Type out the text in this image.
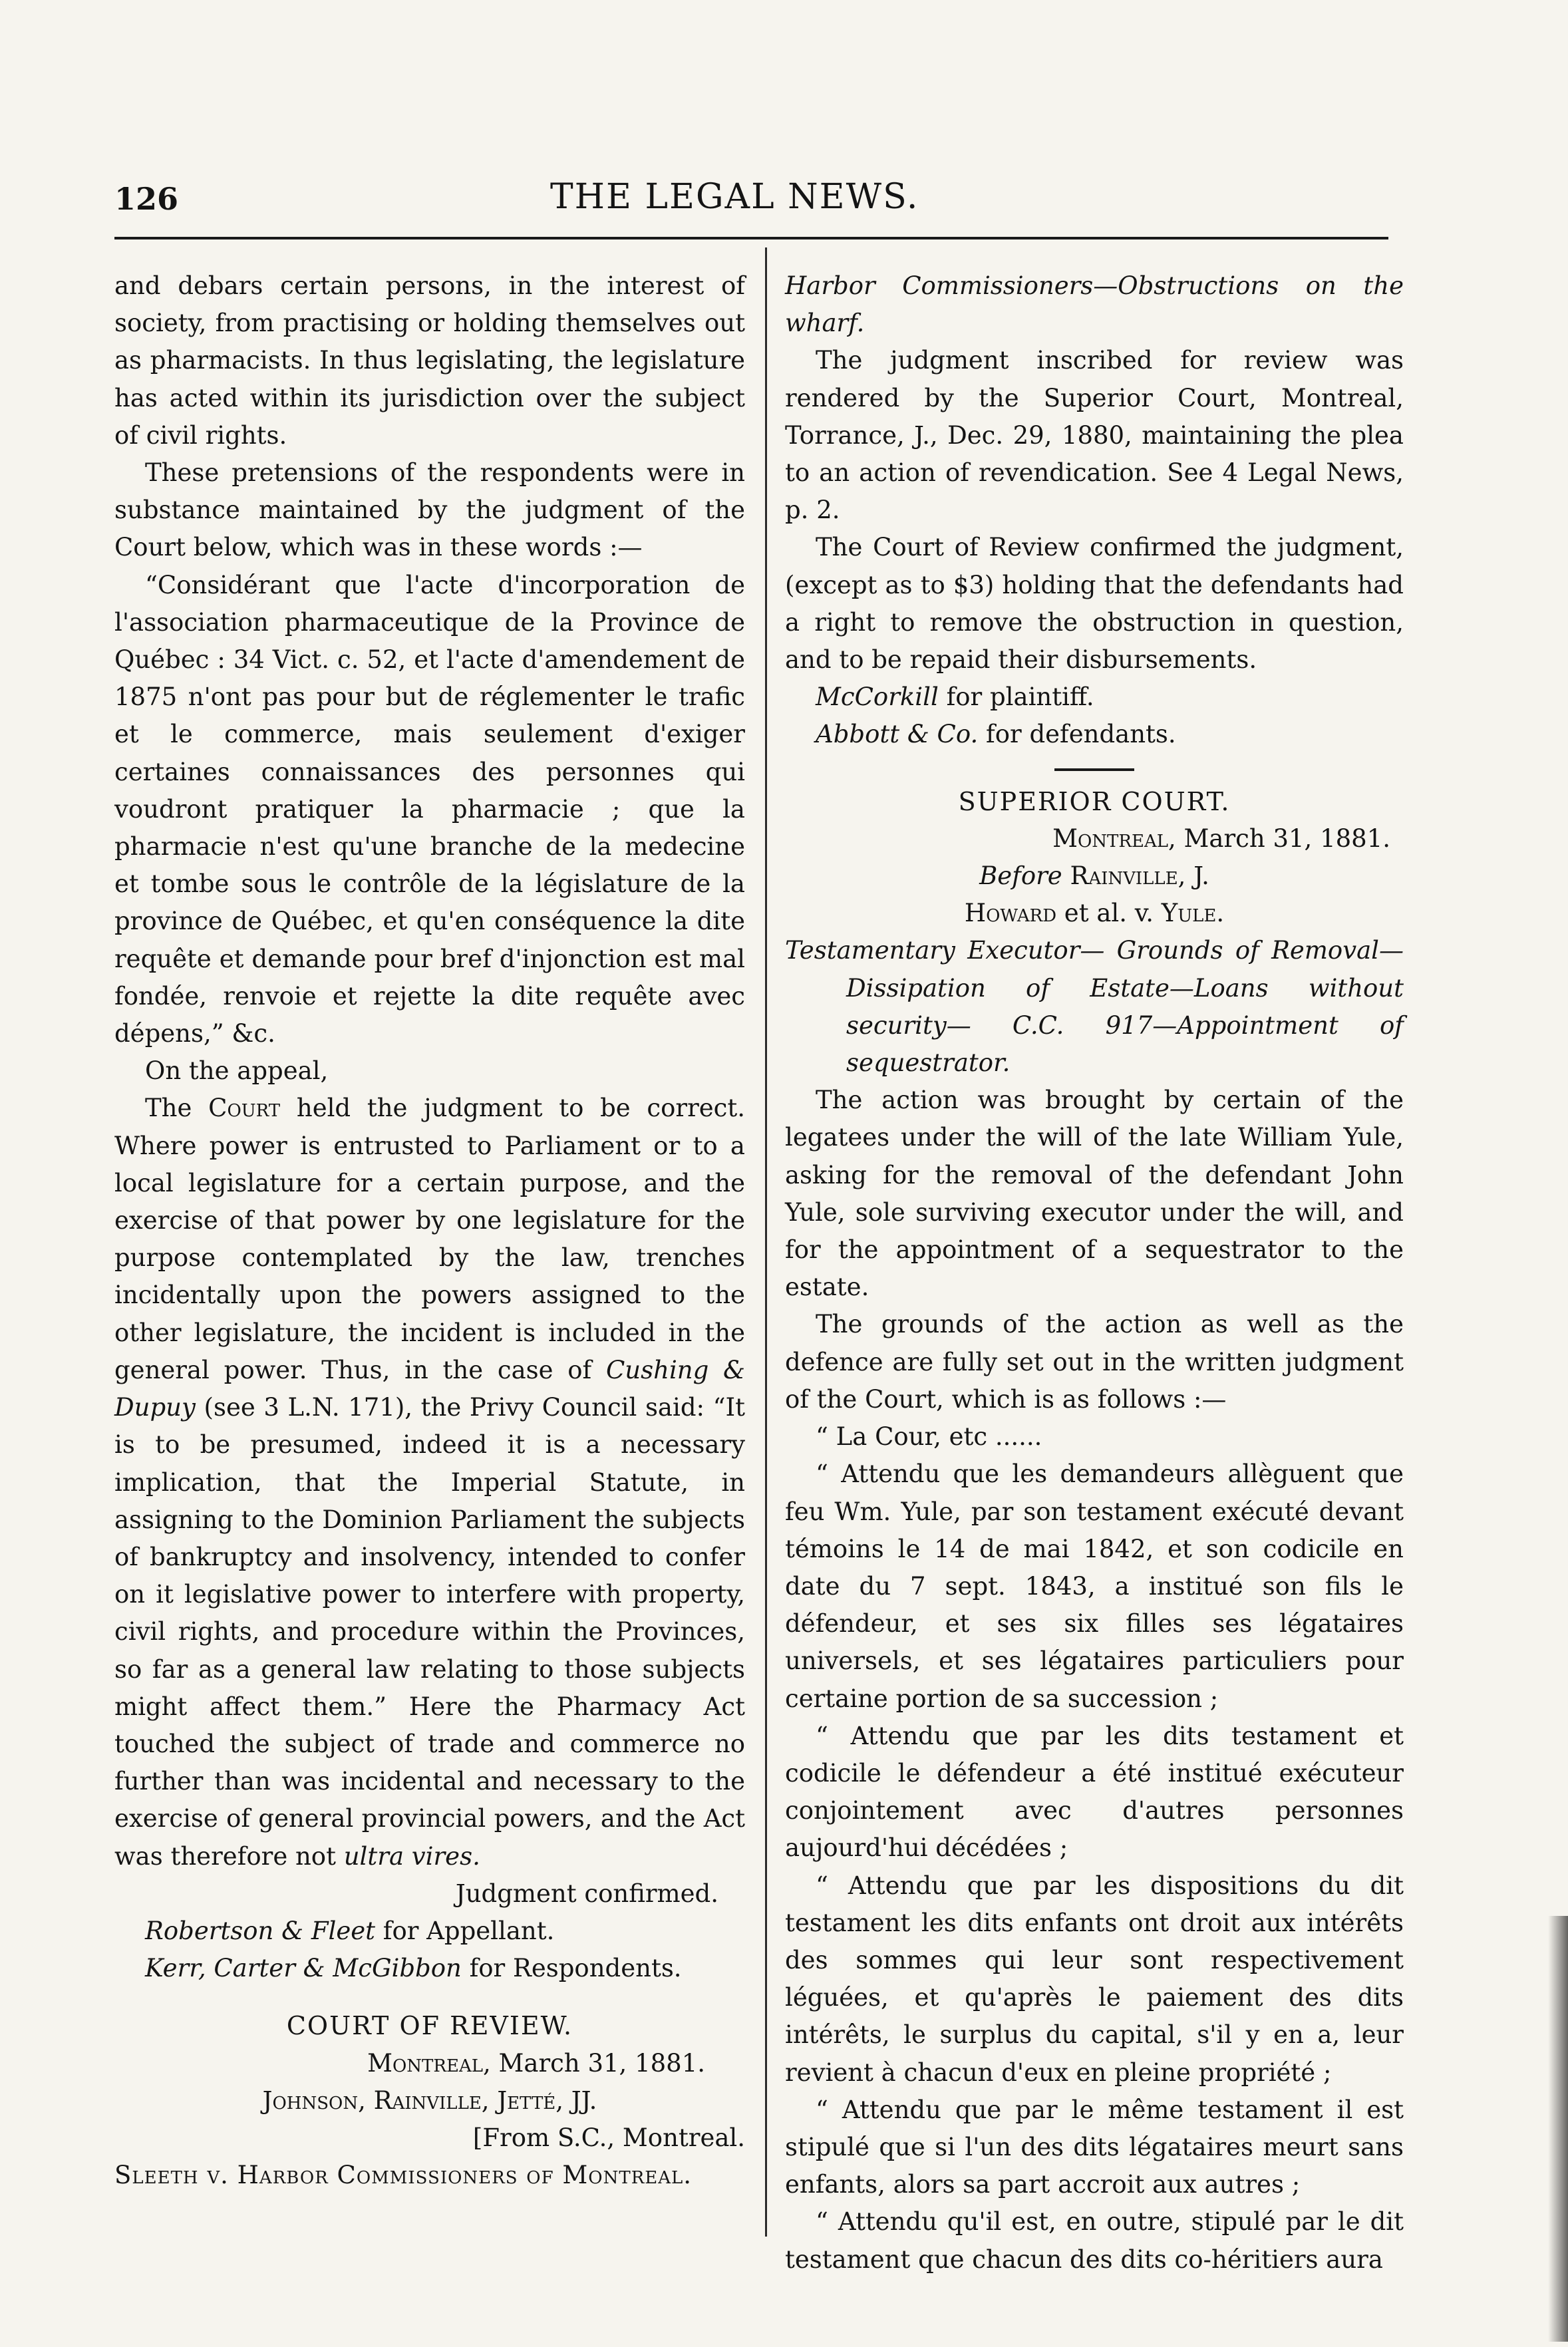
126	THE LEGAL NEWS.

and debars certain persons, in the interest of society, from practising or holding themselves out as pharmacists. In thus legislating, the legislature has acted within its jurisdiction over the subject of civil rights.

These pretensions of the respondents were in substance maintained by the judgment of the Court below, which was in these words :—

“Considérant que l'acte d'incorporation de l'association pharmaceutique de la Province de Québec : 34 Vict. c. 52, et l'acte d'amendement de 1875 n'ont pas pour but de réglementer le trafic et le commerce, mais seulement d'exiger certaines connaissances des personnes qui voudront pratiquer la pharmacie ; que la pharmacie n'est qu'une branche de la medecine et tombe sous le contrôle de la législature de la province de Québec, et qu'en conséquence la dite requête et demande pour bref d'injonction est mal fondée, renvoie et rejette la dite requête avec dépens,” &c.

On the appeal,

The Court held the judgment to be correct. Where power is entrusted to Parliament or to a local legislature for a certain purpose, and the exercise of that power by one legislature for the purpose contemplated by the law, trenches incidentally upon the powers assigned to the other legislature, the incident is included in the general power. Thus, in the case of Cushing & Dupuy (see 3 L.N. 171), the Privy Council said: “It is to be presumed, indeed it is a necessary implication, that the Imperial Statute, in assigning to the Dominion Parliament the subjects of bankruptcy and insolvency, intended to confer on it legislative power to interfere with property, civil rights, and procedure within the Provinces, so far as a general law relating to those subjects might affect them.” Here the Pharmacy Act touched the subject of trade and commerce no further than was incidental and necessary to the exercise of general provincial powers, and the Act was therefore not ultra vires.

Judgment confirmed.

Robertson & Fleet for Appellant.

Kerr, Carter & McGibbon for Respondents.

COURT OF REVIEW.

Montreal, March 31, 1881.

Johnson, Rainville, Jetté, JJ.

[From S.C., Montreal.

Sleeth v. Harbor Commissioners of Montreal.

Harbor Commissioners—Obstructions on the wharf.

The judgment inscribed for review was rendered by the Superior Court, Montreal, Torrance, J., Dec. 29, 1880, maintaining the plea to an action of revendication. See 4 Legal News, p. 2.

The Court of Review confirmed the judgment, (except as to $3) holding that the defendants had a right to remove the obstruction in question, and to be repaid their disbursements.

McCorkill for plaintiff.

Abbott & Co. for defendants.

SUPERIOR COURT.

Montreal, March 31, 1881.

Before Rainville, J.

Howard et al. v. Yule.

Testamentary Executor— Grounds of Removal— Dissipation of Estate—Loans without security— C.C. 917—Appointment of sequestrator.

The action was brought by certain of the legatees under the will of the late William Yule, asking for the removal of the defendant John Yule, sole surviving executor under the will, and for the appointment of a sequestrator to the estate.

The grounds of the action as well as the defence are fully set out in the written judgment of the Court, which is as follows :—

“ La Cour, etc ......

“ Attendu que les demandeurs allèguent que feu Wm. Yule, par son testament exécuté devant témoins le 14 de mai 1842, et son codicile en date du 7 sept. 1843, a institué son fils le défendeur, et ses six filles ses légataires universels, et ses légataires particuliers pour certaine portion de sa succession ;

“ Attendu que par les dits testament et codicile le défendeur a été institué exécuteur conjointement avec d'autres personnes aujourd'hui décédées ;

“ Attendu que par les dispositions du dit testament les dits enfants ont droit aux intérêts des sommes qui leur sont respectivement léguées, et qu'après le paiement des dits intérêts, le surplus du capital, s'il y en a, leur revient à chacun d'eux en pleine propriété ;

“ Attendu que par le même testament il est stipulé que si l'un des dits légataires meurt sans enfants, alors sa part accroit aux autres ;

“ Attendu qu'il est, en outre, stipulé par le dit testament que chacun des dits co-héritiers aura
